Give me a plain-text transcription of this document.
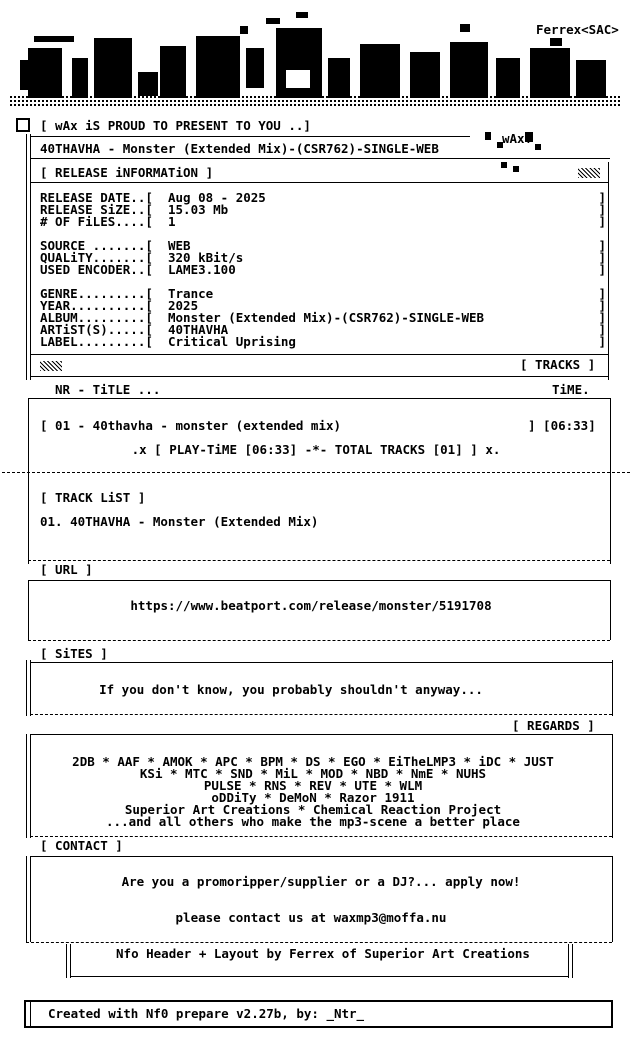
Ferrex<SAC>

wAx!
[ wAx iS PROUD TO PRESENT TO YOU ..]
40THAVHA - Monster (Extended Mix)-(CSR762)-SINGLE-WEB
[ RELEASE iNFORMATiON ]
RELEASE DATE..[ Aug 08 - 2025	]
RELEASE SiZE..[ 15.03 Mb	]
# OF FiLES....[ 1	]
SOURCE .......[ WEB	]
QUALiTY.......[ 320 kBit/s	]
USED ENCODER..[ LAME3.100	]
GENRE.........[ Trance	]
YEAR..........[ 2025	]
ALBUM.........[ Monster (Extended Mix)-(CSR762)-SINGLE-WEB	]
ARTiST(S).....[ 40THAVHA	]
LABEL.........[ Critical Uprising	]
[ TRACKS ]
NR - TiTLE ...	TiME.
[ 01 - 40thavha - monster (extended mix)	] [06:33]
.x [ PLAY-TiME [06:33] -*- TOTAL TRACKS [01] ] x.
[ TRACK LiST ]
01. 40THAVHA - Monster (Extended Mix)
[ URL ]
https://www.beatport.com/release/monster/5191708
[ SiTES ]
If you don't know, you probably shouldn't anyway...
[ REGARDS ]
2DB * AAF * AMOK * APC * BPM * DS * EGO * EiTheLMP3 * iDC * JUST
KSi * MTC * SND * MiL * MOD * NBD * NmE * NUHS
PULSE * RNS * REV * UTE * WLM
oDDiTy * DeMoN * Razor 1911
Superior Art Creations * Chemical Reaction Project
...and all others who make the mp3-scene a better place
[ CONTACT ]
Are you a promoripper/supplier or a DJ?... apply now!
please contact us at waxmp3@moffa.nu
Nfo Header + Layout by Ferrex of Superior Art Creations
Created with Nf0 prepare v2.27b, by: _Ntr_
